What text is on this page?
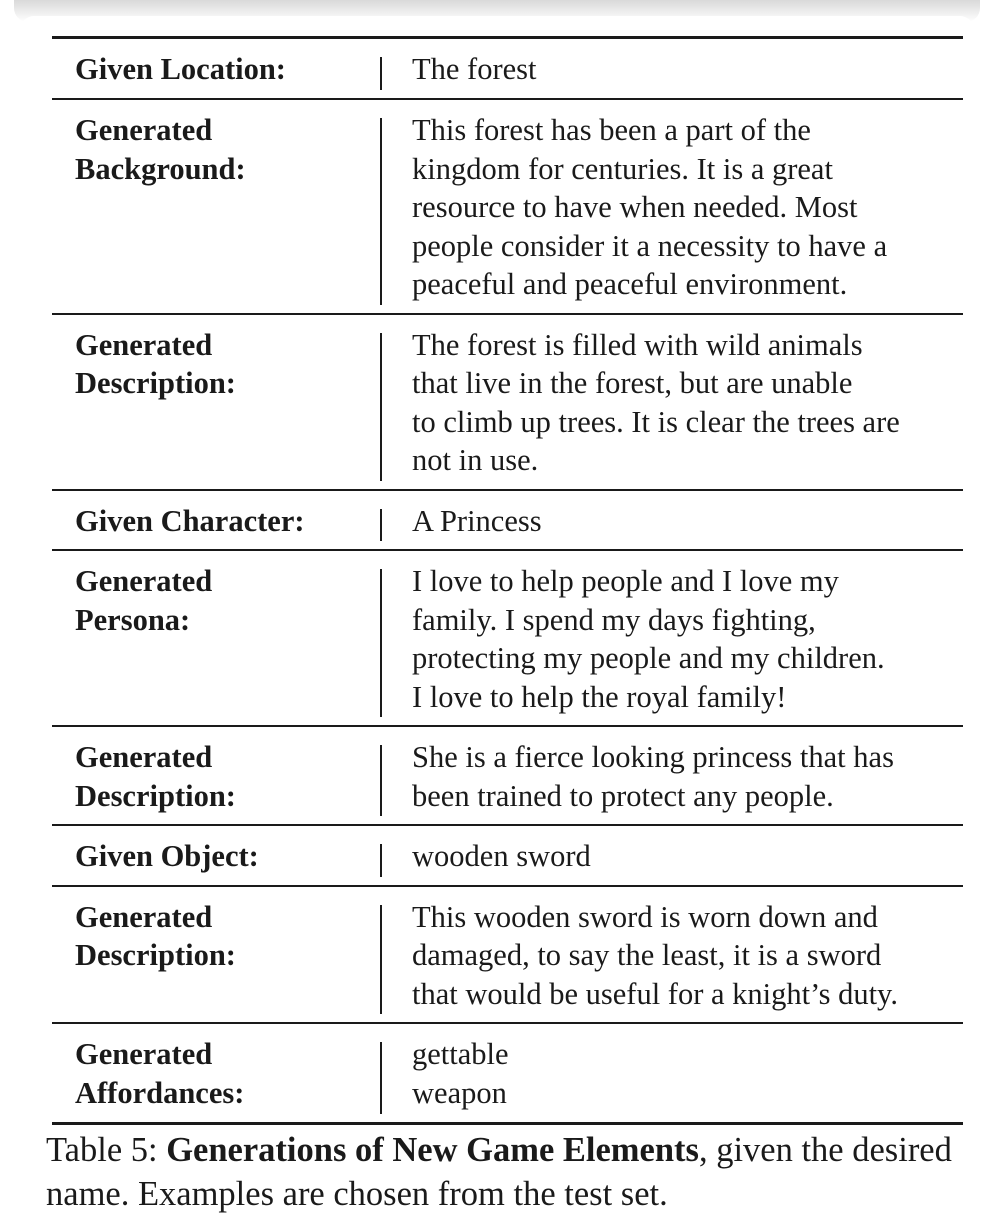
Given Location:		The forest
Generated
Background:		This forest has been a part of the
kingdom for centuries. It is a great
resource to have when needed. Most
people consider it a necessity to have a
peaceful and peaceful environment.
Generated
Description:		The forest is filled with wild animals
that live in the forest, but are unable
to climb up trees. It is clear the trees are
not in use.
Given Character:		A Princess
Generated
Persona:		I love to help people and I love my
family. I spend my days fighting,
protecting my people and my children.
I love to help the royal family!
Generated
Description:		She is a fierce looking princess that has
been trained to protect any people.
Given Object:		wooden sword
Generated
Description:		This wooden sword is worn down and
damaged, to say the least, it is a sword
that would be useful for a knight’s duty.
Generated
Affordances:		gettable
weapon
Table 5: Generations of New Game Elements, given the desired name. Examples are chosen from the test set.
